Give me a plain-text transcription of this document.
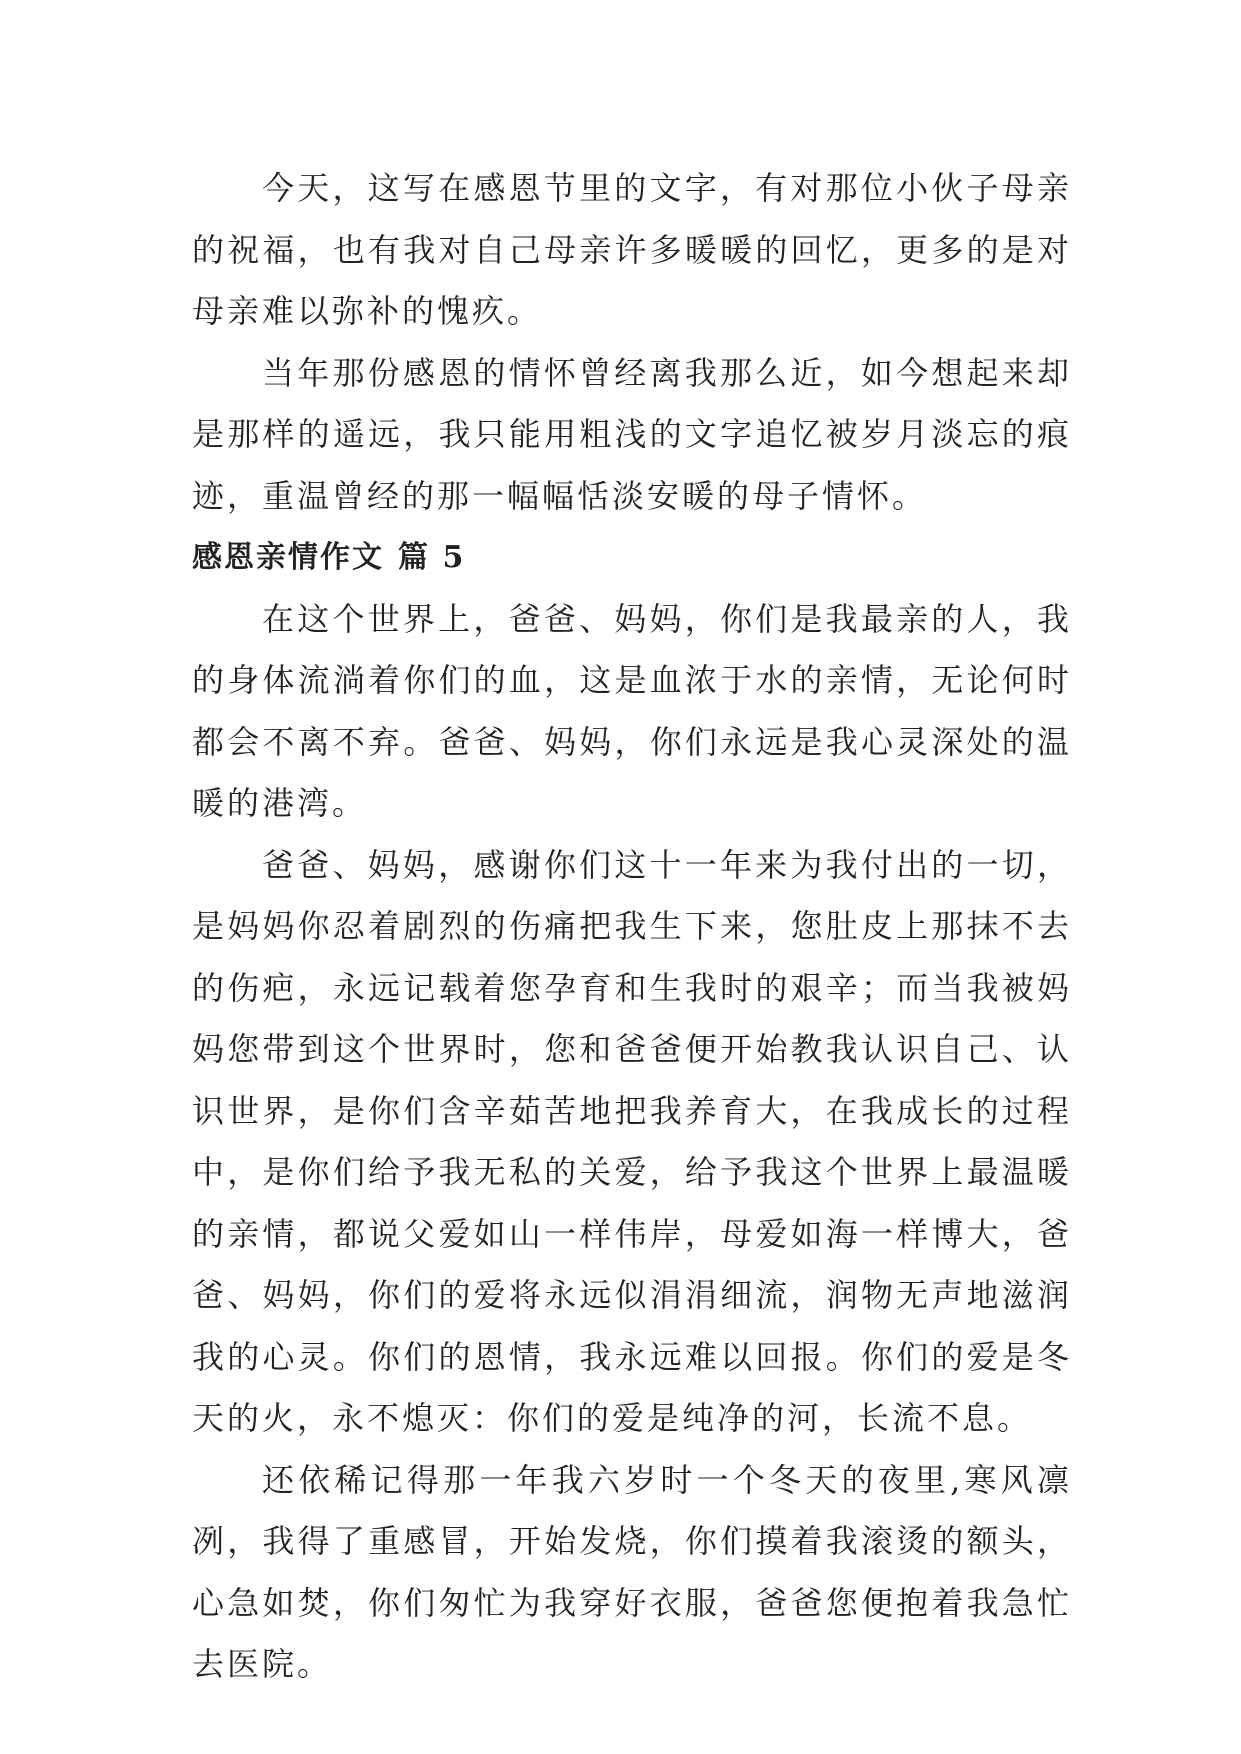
今天，这写在感恩节里的文字，有对那位小伙子母亲的祝福，也有我对自己母亲许多暖暖的回忆，更多的是对母亲难以弥补的愧疚。

当年那份感恩的情怀曾经离我那么近，如今想起来却是那样的遥远，我只能用粗浅的文字追忆被岁月淡忘的痕迹，重温曾经的那一幅幅恬淡安暖的母子情怀。

感恩亲情作文 篇 5

在这个世界上，爸爸、妈妈，你们是我最亲的人，我的身体流淌着你们的血，这是血浓于水的亲情，无论何时都会不离不弃。爸爸、妈妈，你们永远是我心灵深处的温暖的港湾。

爸爸、妈妈，感谢你们这十一年来为我付出的一切，是妈妈你忍着剧烈的伤痛把我生下来，您肚皮上那抹不去的伤疤，永远记载着您孕育和生我时的艰辛；而当我被妈妈您带到这个世界时，您和爸爸便开始教我认识自己、认识世界，是你们含辛茹苦地把我养育大，在我成长的过程中，是你们给予我无私的关爱，给予我这个世界上最温暖的亲情，都说父爱如山一样伟岸，母爱如海一样博大，爸爸、妈妈，你们的爱将永远似涓涓细流，润物无声地滋润我的心灵。你们的恩情，我永远难以回报。你们的爱是冬天的火，永不熄灭：你们的爱是纯净的河，长流不息。

还依稀记得那一年我六岁时一个冬天的夜里,寒风凛冽，我得了重感冒，开始发烧，你们摸着我滚烫的额头，心急如焚，你们匆忙为我穿好衣服，爸爸您便抱着我急忙去医院。
